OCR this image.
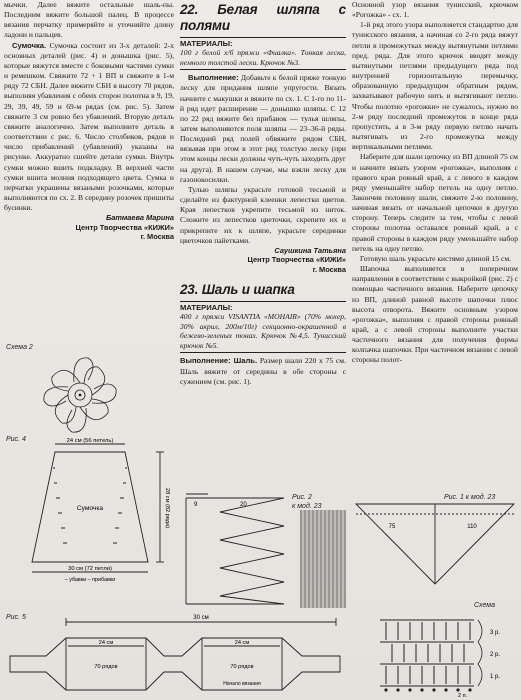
мычки. Далее вяжите остальные шаль-пы. Последним вяжите большой палец. В процессе вязания перчатку примеряйте и уточняйте длину ладони и пальцев.

Сумочка. Сумочка состоит из 3-х деталей: 2-х основных деталей (рис. 4) и донышка (рис. 5), которые вяжутся вместе с боковыми частями сумки и ремешком. Свяжите 72 + 1 ВП и свяжите в 1-м ряду 72 СБН. Далее вяжите СБН в высоту 70 рядов, выполняя убавления с обеих сторон полотна в 9, 19, 29, 39, 49, 59 и 69-м рядах (см. рис. 5). Затем свяжите 3 см ровно без убавлений. Вторую деталь свяжите аналогично. Затем выполните деталь в соответствии с рис. 6. Число столбиков, рядов и число прибавлений (убавлений) указаны на рисунке. Аккуратно сшейте детали сумки. Внутрь сумки можно вшить подкладку. В верхней части сумки вшита молния подходящего цвета. Сумка и перчатки украшены вязаными розочками, которые выполняются по сх. 2. В середину розочек пришиты бусинки.

Батмаева Марина
Центр Творчества «КИЖИ»
г. Москва
Схема 2
Рис. 4	24 см (56 петель)
Сумочка	28 см (82 ряда)
30 см (72 петли)
– убавки – прибавки
Рис. 5	30 см
24 см
70 рядов
24 см
70 рядов
Начало вязания
22. Белая шляпа с полями
МАТЕРИАЛЫ:
100 г белой х/б пряжи «Фиалка». Тонкая леска, немного толстой лески. Крючок №3.

Выполнение: Добавьте к белой пряже тонкую леску для придания шляпе упругости. Вязать начните с макушки и вяжите по сх. 1. С 1-го по 11-й ряд идет расширение — донышко шляпы. С 12 по 22 ряд вяжите без прибавок — тулья шляпы, затем выполняются поля шляпы — 23–36-й ряды. Последний ряд полей обвяжите рядом СБН, вязывая при этом в этот ряд толстую леску (при этом концы лески должны чуть-чуть заходить друг на друга). В нашем случае, мы взяли леску для газонокосилки.

Тулью шляпы украсьте готовой тесьмой и сделайте из фактурной клеенки лепестки цветов. Края лепестков укрепите тесьмой из ниток. Сложите из лепестков цветочки, скрепите их и прикрепите их к шляпе, украсьте серединки цветочков пайетками.

Саушкина Татьяна
Центр Творчества «КИЖИ»
г. Москва
23. Шаль и шапка
МАТЕРИАЛЫ:
400 г пряжи VISANTIA «MOHAIR» (70% мохер, 30% акрил, 200м/10г) секционно-окрашенной в бежево-зеленых тонах. Крючок №4,5. Тунисский крючок №5.

Выполнение: Шаль. Размер шали 220 х 75 см. Шаль вяжите от середины в обе стороны с сужением (см. рис. 1).

Рис. 2
к мод. 23
9	20

Основной узор вязания тунисский, крючком «Рогожка» - сх. 1.

1-й ряд этого узора выполняется стандартно для тунисского вязания, а начиная со 2-го ряда вяжут петли в промежутках между вытянутыми петлями пред. ряда. Для этого крючок вводят между вытянутыми петлями предыдущего ряда под внутренней горизонтальную перемычку, образованную предыдущим обратным рядом, захватывают рабочую нить и вытягивают петлю. Чтобы полотно «рогожки» не сужалось, нужно во 2-м ряду последний промежуток в конце ряда пропустить, а в 3-м ряду первую петлю начать вытягивать из 2-го промежутка между вертикальными петлями.

Наберите для шали цепочку из ВП длиной 75 см и начните вязать узором «рогожка», выполняя с правого края ровный край, а с левого в каждом ряду уменьшайте набор петель на одну петлю. Закончив половину шали, свяжите 2-ю половину, начиная вязать от начальной цепочки в другую сторону. Теперь следите за тем, чтобы с левой стороны полотна оставался ровный край, а с правой стороны в каждом ряду уменьшайте набор петель на одну петлю.

Готовую шаль украсьте кистями длиной 15 см.

Шапочка выполняется в поперечном направлении в соответствии с выкройкой (рис. 2) с помощью частичного вязания. Наберите цепочку из ВП, длиной равной высоте шапочки плюс высота отворота. Вяжите основным узором «рогожка», выполняя с правой стороны ровный край, а с левой стороны выполните участки частичного вязания для получения формы колпачка шапочки. При частичном вязании с левой стороны полот-

Рис. 1 к мод. 23
75	110
Схема
3 р.
2 р.
1 р.
2 п.
